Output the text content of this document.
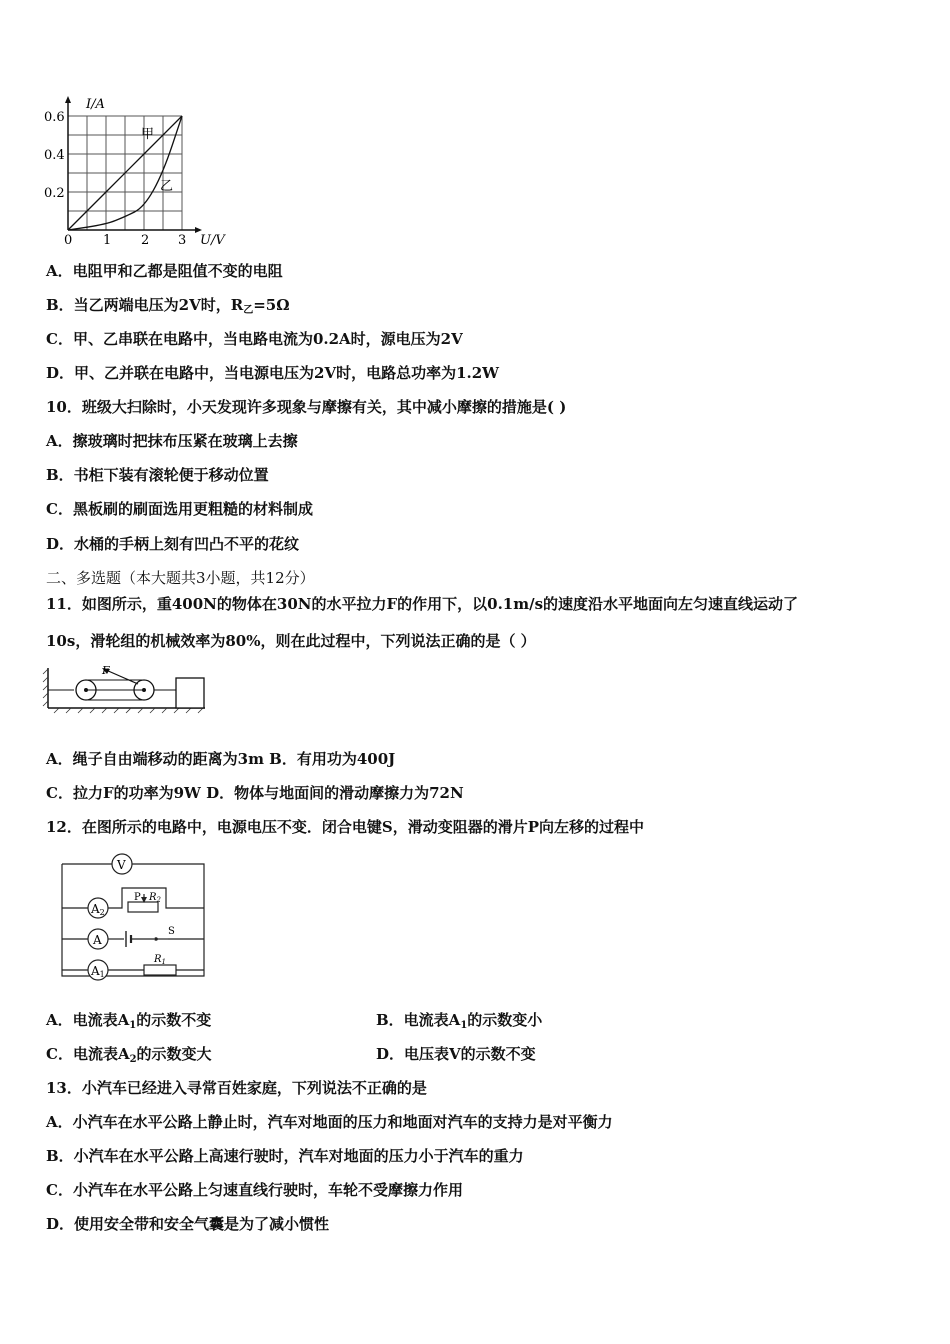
I/A
U/V
0.6
0.4
0.2
0 1 2 3
甲
乙
A．电阻甲和乙都是阻值不变的电阻
B．当乙两端电压为2V时，$R_乙=5\Omega$
C．甲、乙串联在电路中，当电路电流为0.2A时，源电压为2V
D．甲、乙并联在电路中，当电源电压为2V时，电路总功率为1.2W
10．班级大扫除时，小天发现许多现象与摩擦有关，其中减小摩擦的措施是( )
A．擦玻璃时把抹布压紧在玻璃上去擦
B．书柜下装有滚轮便于移动位置
C．黑板刷的刷面选用更粗糙的材料制成
D．水桶的手柄上刻有凹凸不平的花纹
二、多选题（本大题共3小题，共12分）
11．如图所示，重400N的物体在30N的水平拉力F的作用下，以0.1m/s的速度沿水平地面向左匀速直线运动了
10s，滑轮组的机械效率为80%，则在此过程中，下列说法正确的是（ ）
F
A．绳子自由端移动的距离为3m B．有用功为400J
C．拉力F的功率为9W D．物体与地面间的滑动摩擦力为72N
12．在图所示的电路中，电源电压不变．闭合电键S，滑动变阻器的滑片P向左移的过程中
V
A2
P $R_2$
A
S
A1
$R_1$
A．电流表$A_1$的示数不变	B．电流表$A_1$的示数变小
C．电流表$A_2$的示数变大	D．电压表V的示数不变
13．小汽车已经进入寻常百姓家庭，下列说法不正确的是
A．小汽车在水平公路上静止时，汽车对地面的压力和地面对汽车的支持力是对平衡力
B．小汽车在水平公路上高速行驶时，汽车对地面的压力小于汽车的重力
C．小汽车在水平公路上匀速直线行驶时，车轮不受摩擦力作用
D．使用安全带和安全气囊是为了减小惯性
